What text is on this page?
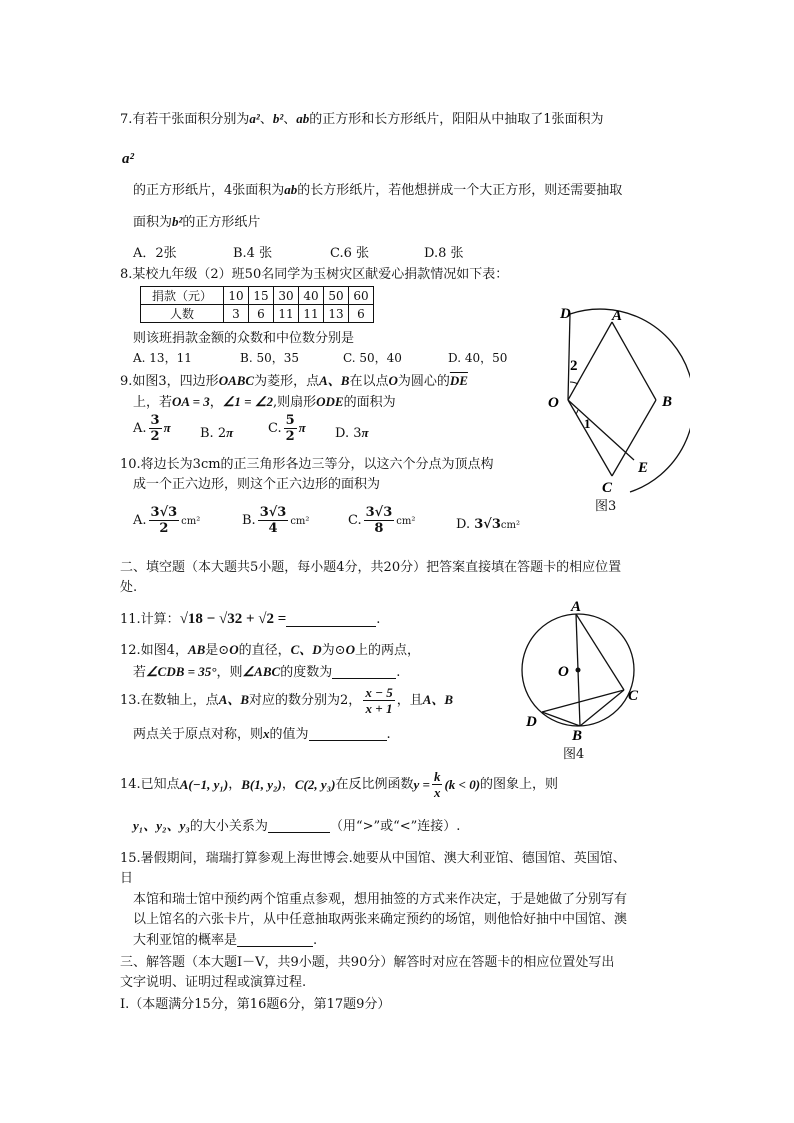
7.有若干张面积分别为a²、b²、ab的正方形和长方形纸片，阳阳从中抽取了1张面积为
a²
的正方形纸片，4张面积为ab的长方形纸片，若他想拼成一个大正方形，则还需要抽取
面积为b²的正方形纸片
A．2张	B.4 张	C.6 张	D.8 张
8.某校九年级（2）班50名同学为玉树灾区献爱心捐款情况如下表：
捐款（元）	10	15	30	40	50	60
人数	3	6	11	11	13	6
则该班捐款金额的众数和中位数分别是
A. 13，11	B. 50，35	C. 50，40	D. 40，50
9.如图3，四边形OABC为菱形，点A、B在以点O为圆心的$\overline{DE}$
上，若OA = 3，∠1 = ∠2,则扇形ODE的面积为
A. $\frac{3}{2}$ π B. 2π	C. $\frac{5}{2}$ π D. 3π
10.将边长为3cm的正三角形各边三等分，以这六个分点为顶点构
成一个正六边形，则这个正六边形的面积为
A. $\frac{3√3}{2} cm^2$	B. $\frac{3√3}{4} cm^2$	C. $\frac{3√3}{8} cm^2$	D. 3√3cm²
D	A
2
O	B
1
E
C
图3
二、填空题（本大题共5小题，每小题4分，共20分）把答案直接填在答题卡的相应位置
处.
11.计算：√18 − √32 + √2 =	.
12.如图4，AB是⊙O的直径，C、D为⊙O上的两点，
若∠CDB = 35°，则∠ABC的度数为	.
13.在数轴上，点A、B对应的数分别为2， $\frac{x - 5}{x + 1}$ ，且A、B
两点关于原点对称，则x的值为	.
A
O
C
D
B
图4
14.已知点A(−1, y₁)，B(1, y₂)，C(2, y₃)在反比例函数$y = \frac{k}{x} (k < 0)$的图象上，则
y₁、y₂、y₃的大小关系为	（用“>”或“<”连接）.
15.暑假期间，瑞瑞打算参观上海世博会.她要从中国馆、澳大利亚馆、德国馆、英国馆、
日
本馆和瑞士馆中预约两个馆重点参观，想用抽签的方式来作决定，于是她做了分别写有
以上馆名的六张卡片，从中任意抽取两张来确定预约的场馆，则他恰好抽中中国馆、澳
大利亚馆的概率是	.
三、解答题（本大题Ⅰ－Ⅴ，共9小题，共90分）解答时对应在答题卡的相应位置处写出
文字说明、证明过程或演算过程.
Ⅰ.（本题满分15分，第16题6分，第17题9分）
